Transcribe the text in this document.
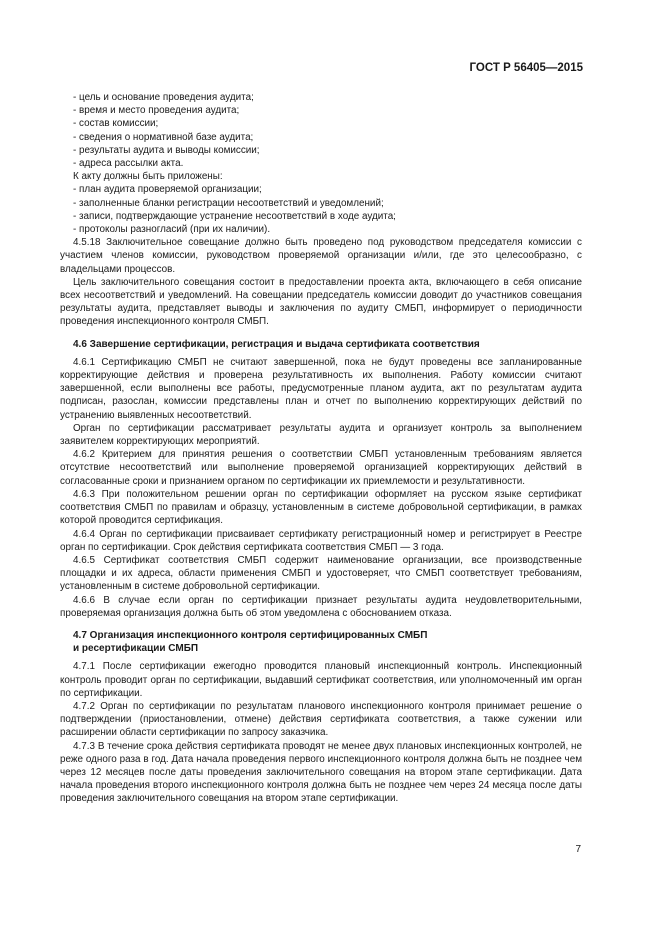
ГОСТ Р 56405—2015

- цель и основание проведения аудита;

- время и место проведения аудита;

- состав комиссии;

- сведения о нормативной базе аудита;

- результаты аудита и выводы комиссии;

- адреса рассылки акта.

К акту должны быть приложены:

- план аудита проверяемой организации;

- заполненные бланки регистрации несоответствий и уведомлений;

- записи, подтверждающие устранение несоответствий в ходе аудита;

- протоколы разногласий (при их наличии).

4.5.18 Заключительное совещание должно быть проведено под руководством председателя комиссии с участием членов комиссии, руководством проверяемой организации и/или, где это целесообразно, с владельцами процессов.

Цель заключительного совещания состоит в предоставлении проекта акта, включающего в себя описание всех несоответствий и уведомлений. На совещании председатель комиссии доводит до участников совещания результаты аудита, представляет выводы и заключения по аудиту СМБП, информирует о периодичности проведения инспекционного контроля СМБП.

4.6 Завершение сертификации, регистрация и выдача сертификата соответствия

4.6.1 Сертификацию СМБП не считают завершенной, пока не будут проведены все запланированные корректирующие действия и проверена результативность их выполнения. Работу комиссии считают завершенной, если выполнены все работы, предусмотренные планом аудита, акт по результатам аудита подписан, разослан, комиссии представлены план и отчет по выполнению корректирующих действий по устранению выявленных несоответствий.

Орган по сертификации рассматривает результаты аудита и организует контроль за выполнением заявителем корректирующих мероприятий.

4.6.2 Критерием для принятия решения о соответствии СМБП установленным требованиям является отсутствие несоответствий или выполнение проверяемой организацией корректирующих действий в согласованные сроки и признанием органом по сертификации их приемлемости и результативности.

4.6.3 При положительном решении орган по сертификации оформляет на русском языке сертификат соответствия СМБП по правилам и образцу, установленным в системе добровольной сертификации, в рамках которой проводится сертификация.

4.6.4 Орган по сертификации присваивает сертификату регистрационный номер и регистрирует в Реестре орган по сертификации. Срок действия сертификата соответствия СМБП — 3 года.

4.6.5 Сертификат соответствия СМБП содержит наименование организации, все производственные площадки и их адреса, области применения СМБП и удостоверяет, что СМБП соответствует требованиям, установленным в системе добровольной сертификации.

4.6.6 В случае если орган по сертификации признает результаты аудита неудовлетворительными, проверяемая организация должна быть об этом уведомлена с обоснованием отказа.

4.7 Организация инспекционного контроля сертифицированных СМБП
и ресертификации СМБП

4.7.1 После сертификации ежегодно проводится плановый инспекционный контроль. Инспекционный контроль проводит орган по сертификации, выдавший сертификат соответствия, или уполномоченный им орган по сертификации.

4.7.2 Орган по сертификации по результатам планового инспекционного контроля принимает решение о подтверждении (приостановлении, отмене) действия сертификата соответствия, а также сужении или расширении области сертификации по запросу заказчика.

4.7.3 В течение срока действия сертификата проводят не менее двух плановых инспекционных контролей, не реже одного раза в год. Дата начала проведения первого инспекционного контроля должна быть не позднее чем через 12 месяцев после даты проведения заключительного совещания на втором этапе сертификации. Дата начала проведения второго инспекционного контроля должна быть не позднее чем через 24 месяца после даты проведения заключительного совещания на втором этапе сертификации.

7
